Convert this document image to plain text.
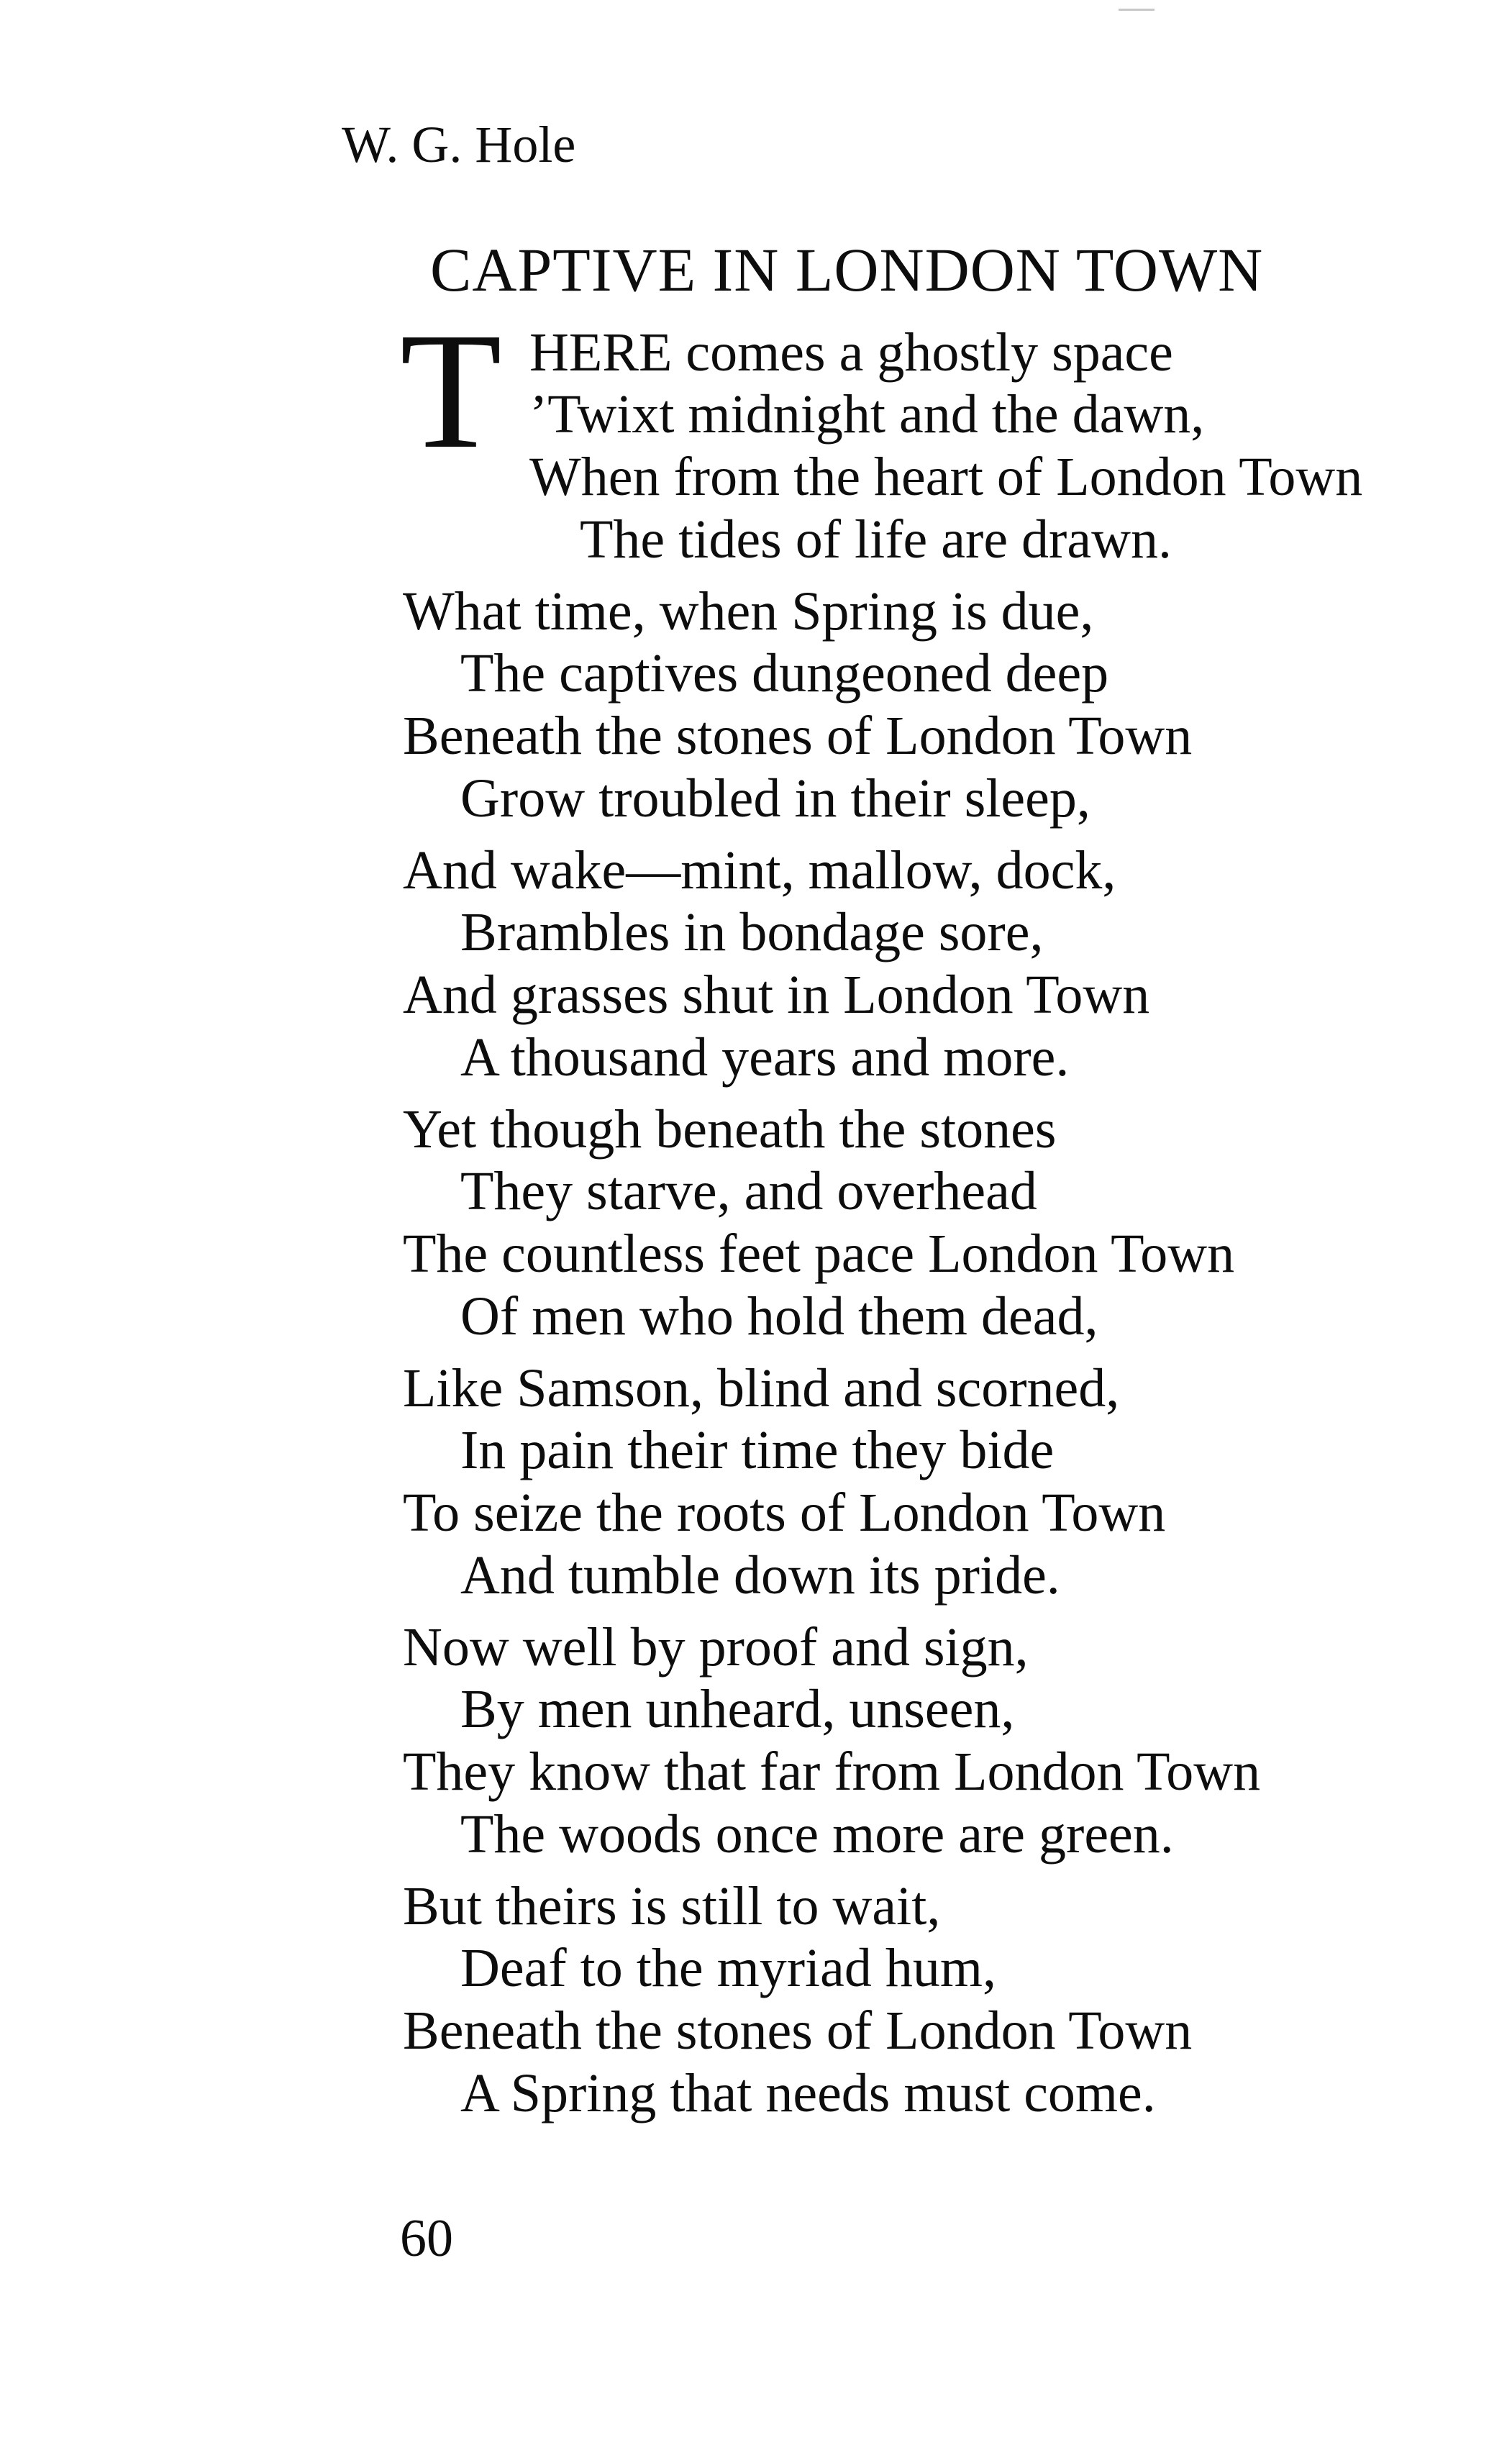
W. G. Hole
CAPTIVE IN LONDON TOWN
T HERE comes a ghostly space
’Twixt midnight and the dawn,
When from the heart of London Town
The tides of life are drawn.
What time, when Spring is due,
The captives dungeoned deep
Beneath the stones of London Town
Grow troubled in their sleep,
And wake—mint, mallow, dock,
Brambles in bondage sore,
And grasses shut in London Town
A thousand years and more.
Yet though beneath the stones
They starve, and overhead
The countless feet pace London Town
Of men who hold them dead,
Like Samson, blind and scorned,
In pain their time they bide
To seize the roots of London Town
And tumble down its pride.
Now well by proof and sign,
By men unheard, unseen,
They know that far from London Town
The woods once more are green.
But theirs is still to wait,
Deaf to the myriad hum,
Beneath the stones of London Town
A Spring that needs must come.
60
